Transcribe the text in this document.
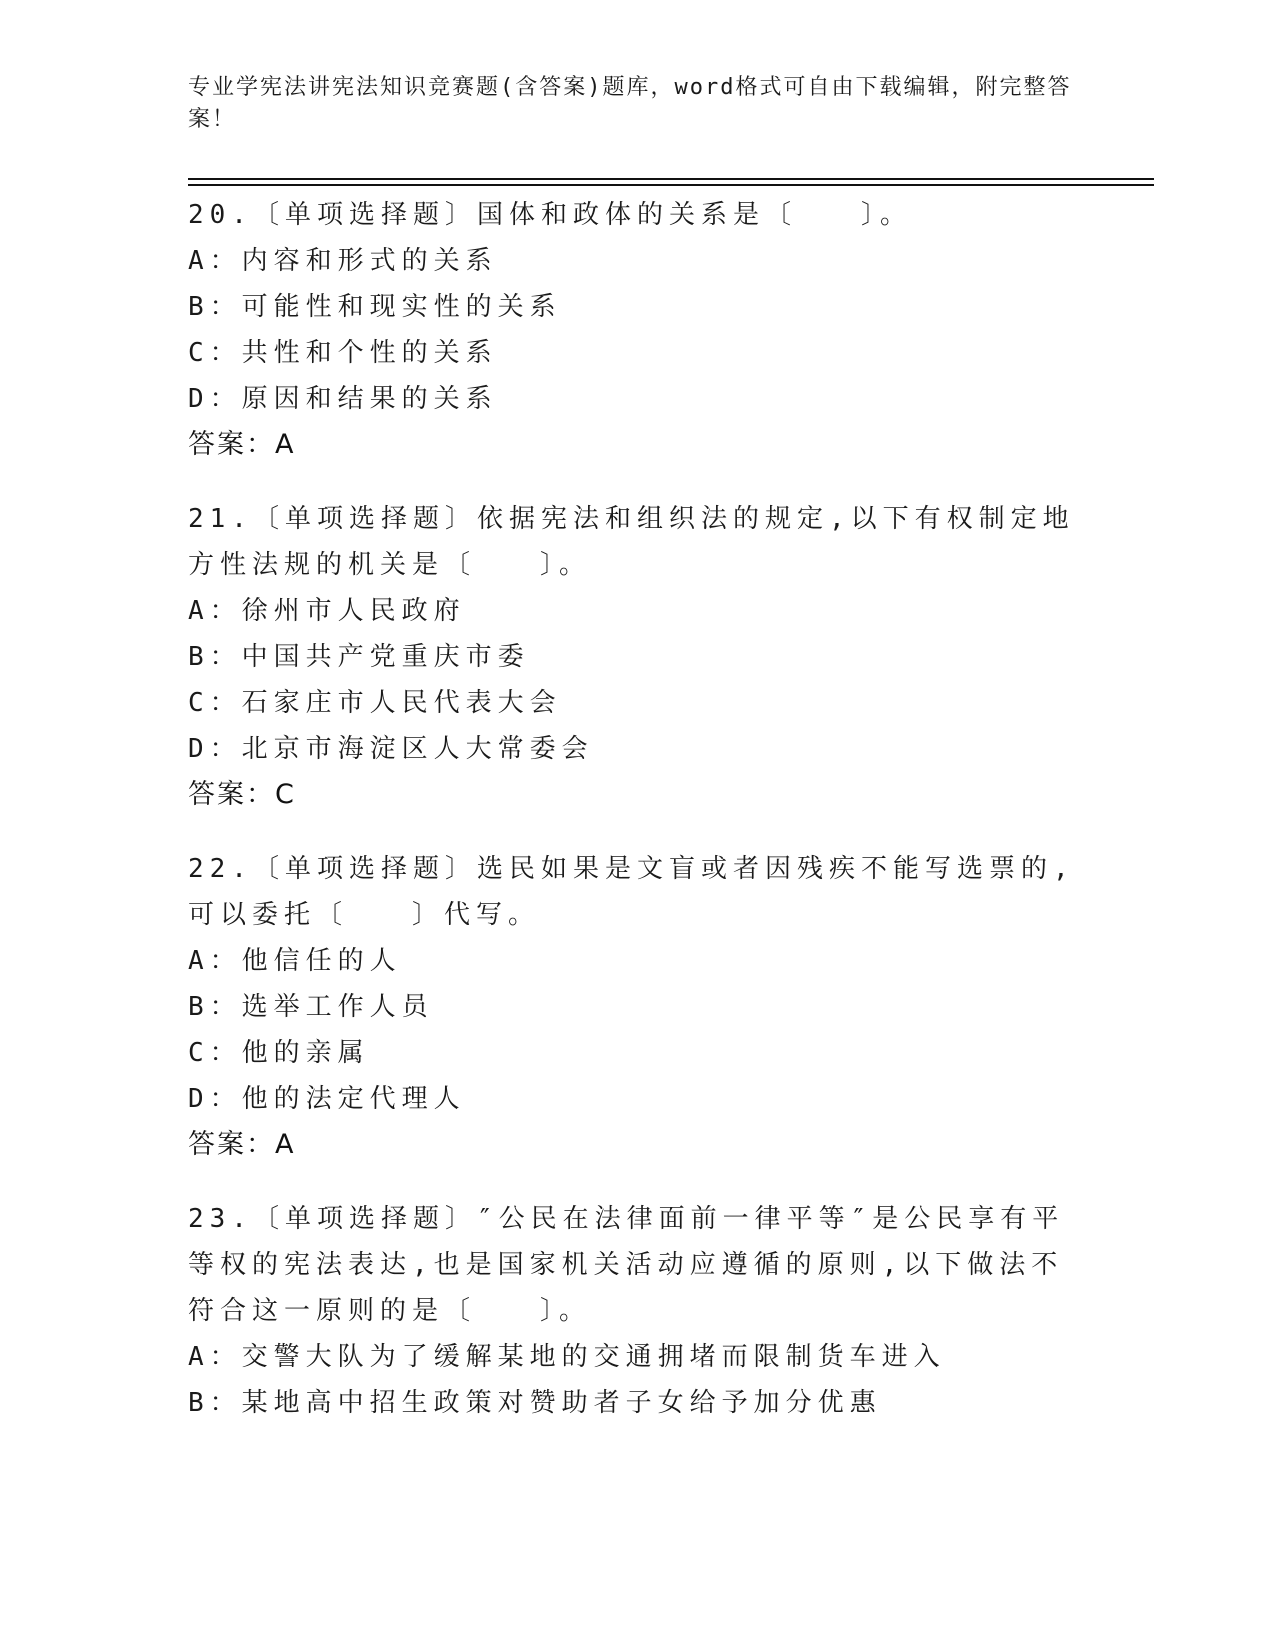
专业学宪法讲宪法知识竞赛题(含答案)题库，word格式可自由下载编辑，附完整答案！
20.〔单项选择题〕国体和政体的关系是〔　　〕。
A：内容和形式的关系
B：可能性和现实性的关系
C：共性和个性的关系
D：原因和结果的关系
答案：A
21.〔单项选择题〕依据宪法和组织法的规定,以下有权制定地方性法规的机关是〔　　〕。
A：徐州市人民政府
B：中国共产党重庆市委
C：石家庄市人民代表大会
D：北京市海淀区人大常委会
答案：C
22.〔单项选择题〕选民如果是文盲或者因残疾不能写选票的,可以委托〔　　〕代写。
A：他信任的人
B：选举工作人员
C：他的亲属
D：他的法定代理人
答案：A
23.〔单项选择题〕″公民在法律面前一律平等″是公民享有平等权的宪法表达,也是国家机关活动应遵循的原则,以下做法不符合这一原则的是〔　　〕。
A：交警大队为了缓解某地的交通拥堵而限制货车进入
B：某地高中招生政策对赞助者子女给予加分优惠
